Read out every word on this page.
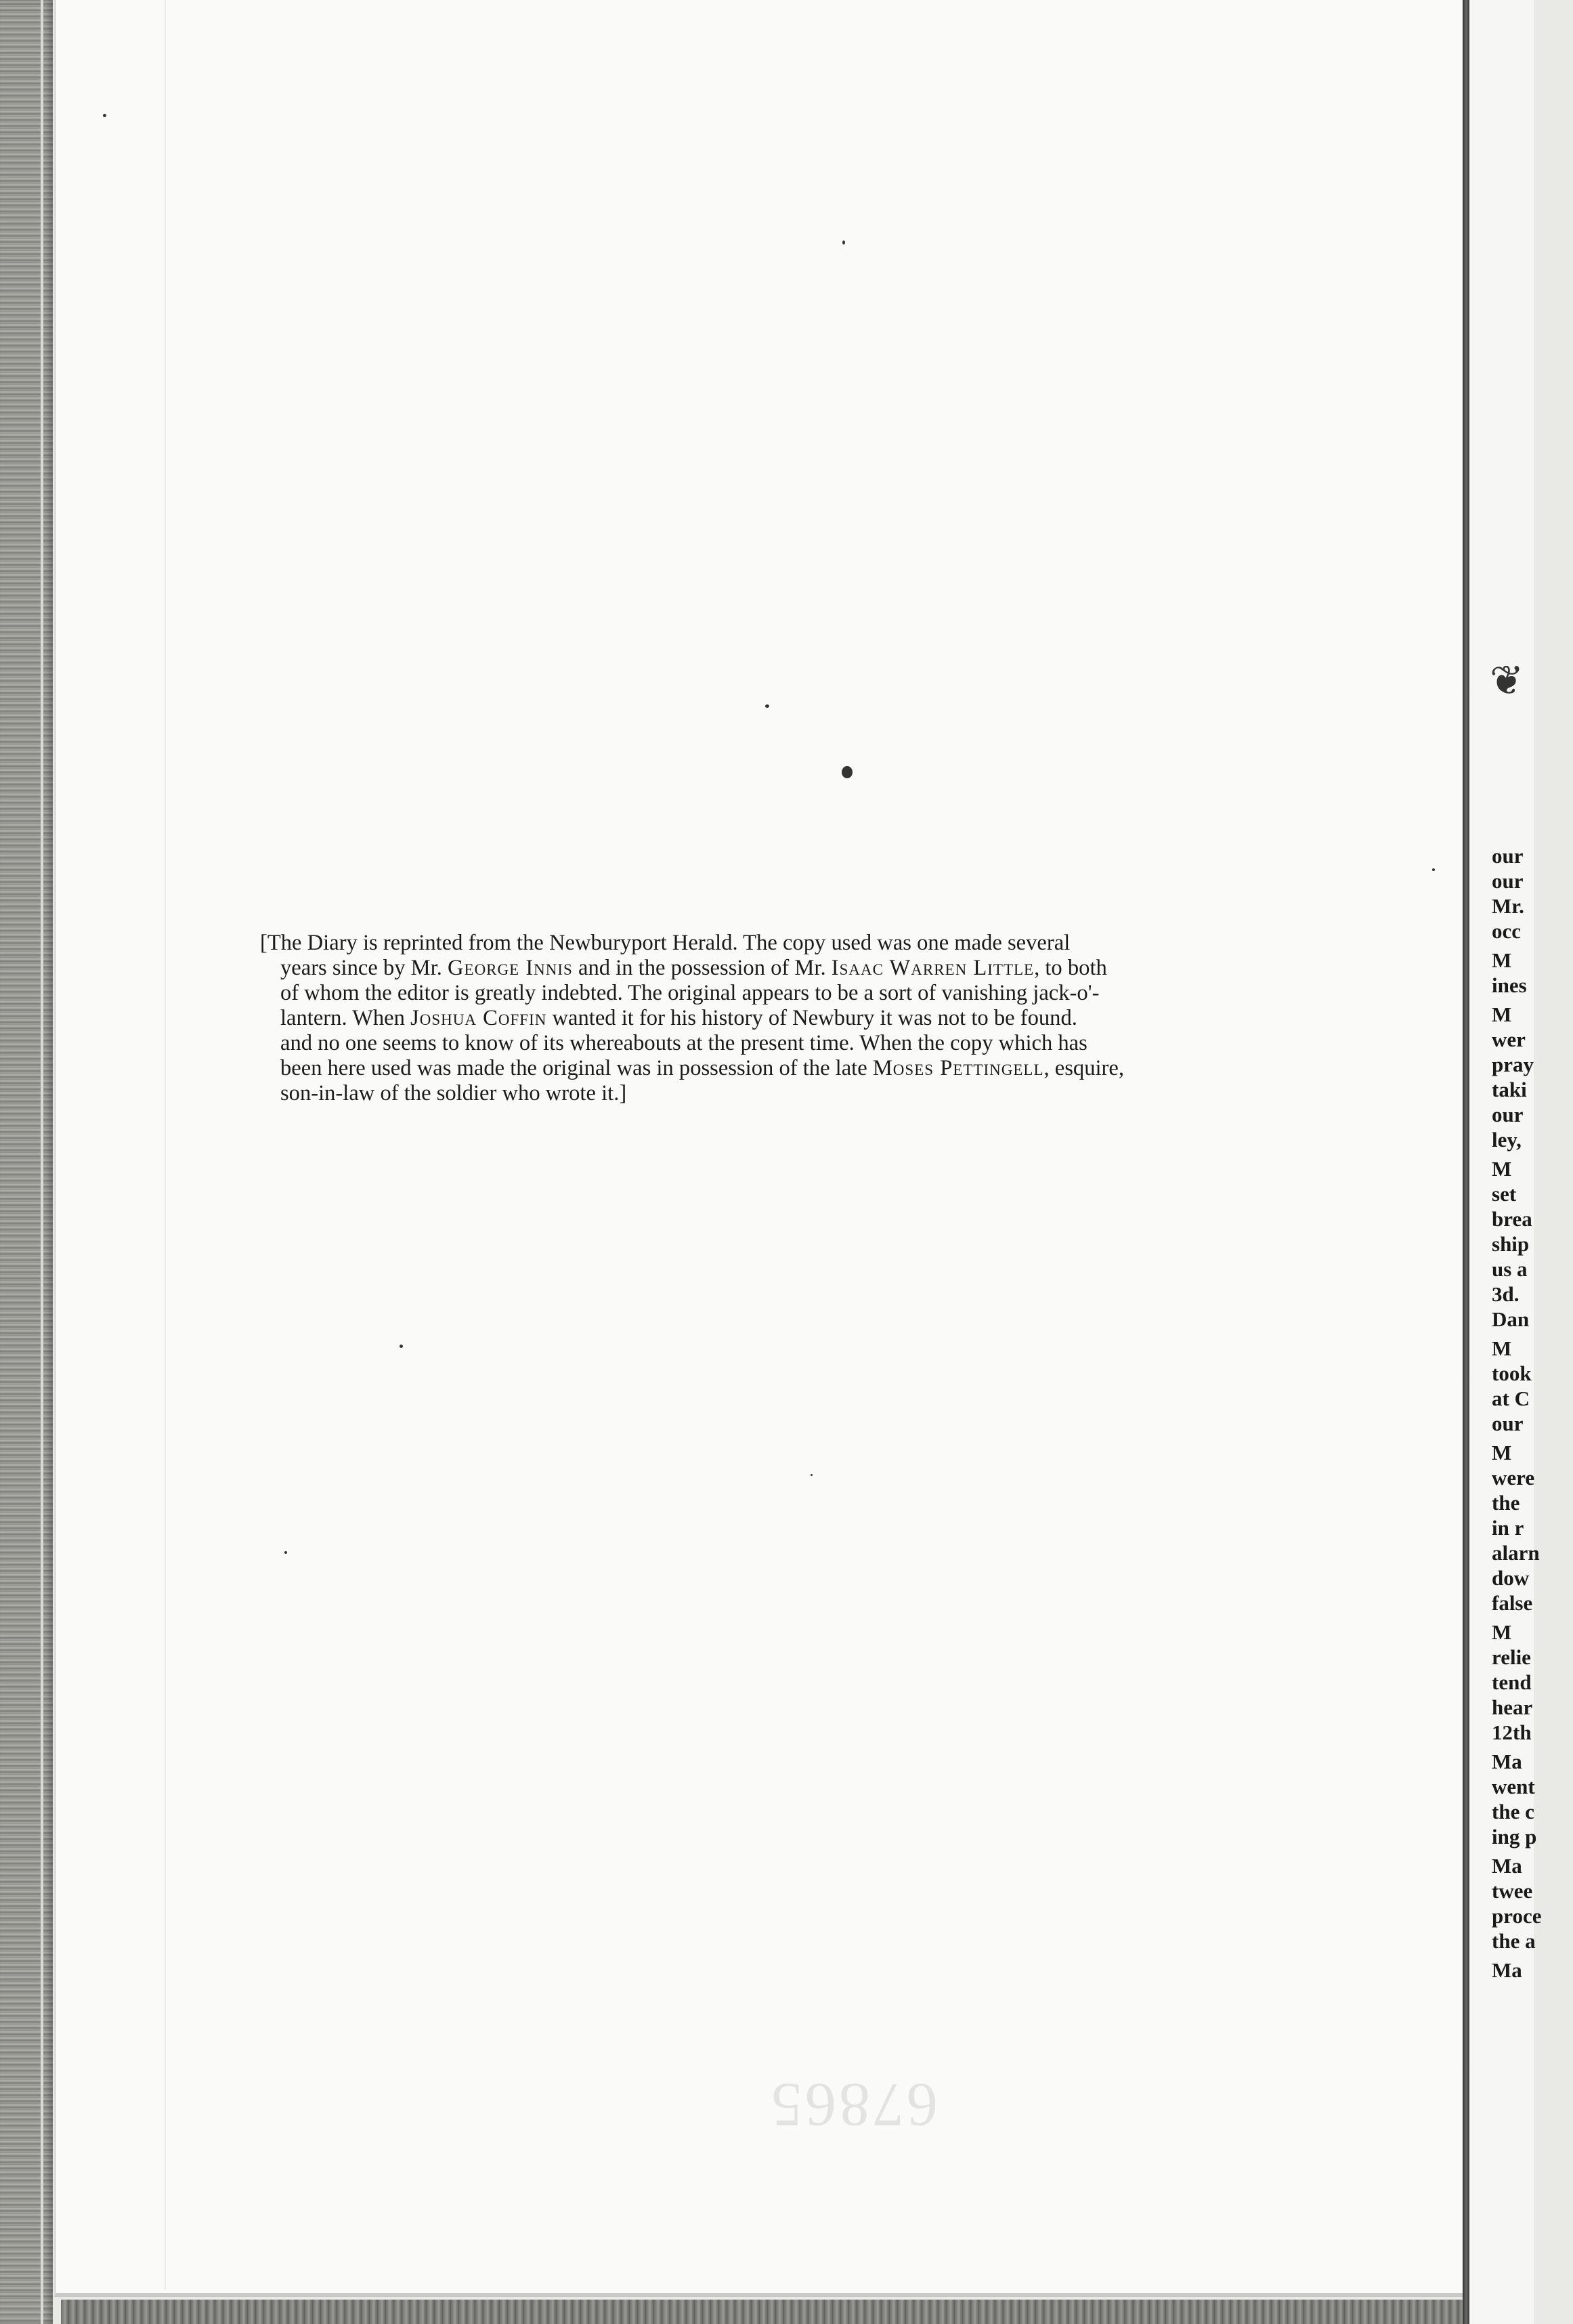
❦
our
our
Mr.
occ
M
ines
M
wer
pray
taki
our
ley,
M
set
brea
ship
us a
3d.
Dan
M
took
at C
our
M
were
the
in r
alarn
dow
false
M
relie
tend
hear
12th
Ma
went
the c
ing p
Ma
twee
proce
the a
Ma
[The Diary is reprinted from the Newburyport Herald. The copy used was one made several
years since by Mr. George Innis and in the possession of Mr. Isaac Warren Little, to both
of whom the editor is greatly indebted. The original appears to be a sort of vanishing jack-o'-
lantern. When Joshua Coffin wanted it for his history of Newbury it was not to be found.
and no one seems to know of its whereabouts at the present time. When the copy which has
been here used was made the original was in possession of the late Moses Pettingell, esquire,
son-in-law of the soldier who wrote it.]
67865
